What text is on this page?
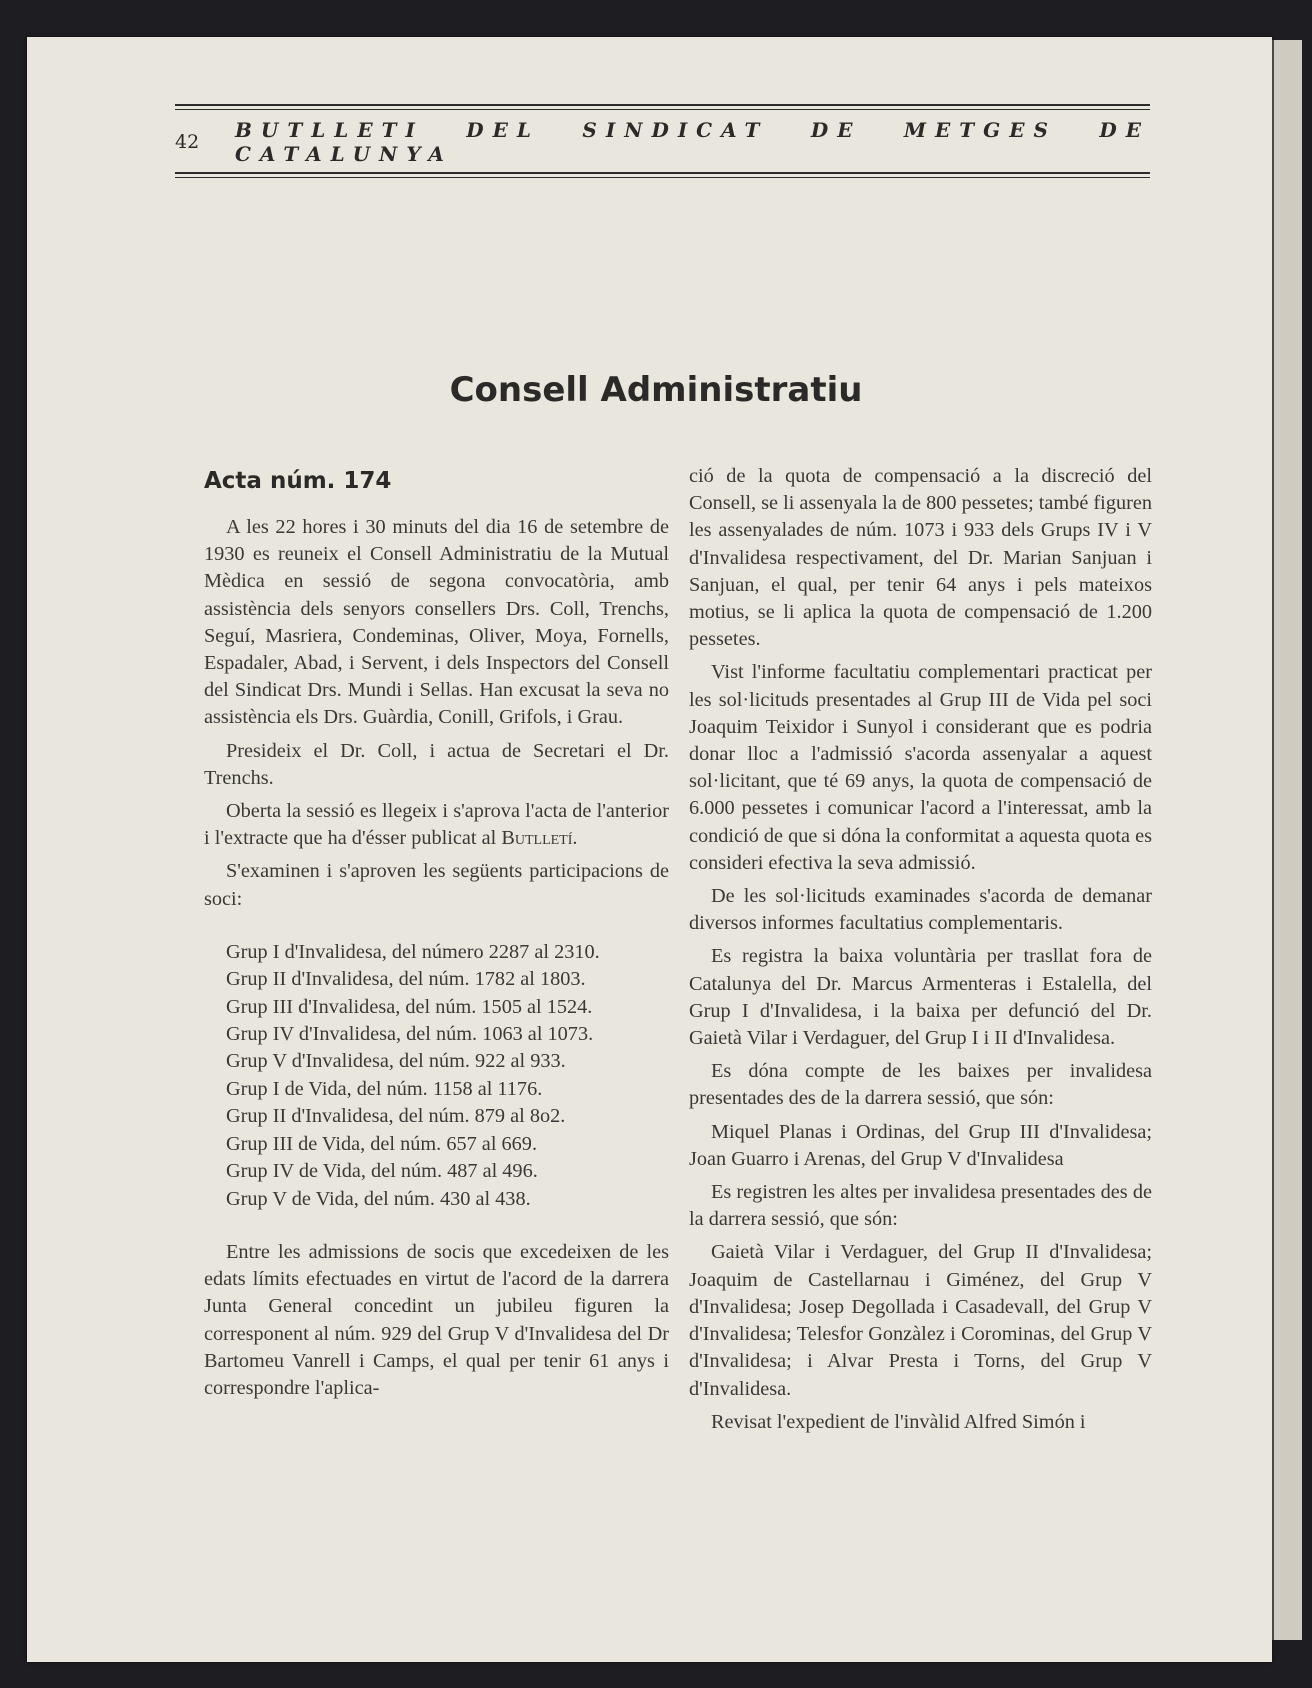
42	BUTLLETI DEL SINDICAT DE METGES DE CATALUNYA
Consell Administratiu
Acta núm. 174

A les 22 hores i 30 minuts del dia 16 de setembre de 1930 es reuneix el Consell Administratiu de la Mutual Mèdica en sessió de segona convocatòria, amb assistència dels senyors consellers Drs. Coll, Trenchs, Seguí, Masriera, Condeminas, Oliver, Moya, Fornells, Espadaler, Abad, i Servent, i dels Inspectors del Consell del Sindicat Drs. Mundi i Sellas. Han excusat la seva no assistència els Drs. Guàrdia, Conill, Grifols, i Grau.

Presideix el Dr. Coll, i actua de Secretari el Dr. Trenchs.

Oberta la sessió es llegeix i s'aprova l'acta de l'anterior i l'extracte que ha d'ésser publicat al Butlletí.

S'examinen i s'aproven les següents participacions de soci:

Grup I d'Invalidesa, del número 2287 al 2310.
Grup II d'Invalidesa, del núm. 1782 al 1803.
Grup III d'Invalidesa, del núm. 1505 al 1524.
Grup IV d'Invalidesa, del núm. 1063 al 1073.
Grup V d'Invalidesa, del núm. 922 al 933.
Grup I de Vida, del núm. 1158 al 1176.
Grup II d'Invalidesa, del núm. 879 al 8o2.
Grup III de Vida, del núm. 657 al 669.
Grup IV de Vida, del núm. 487 al 496.
Grup V de Vida, del núm. 430 al 438.

Entre les admissions de socis que excedeixen de les edats límits efectuades en virtut de l'acord de la darrera Junta General concedint un jubileu figuren la corresponent al núm. 929 del Grup V d'Invalidesa del Dr Bartomeu Vanrell i Camps, el qual per tenir 61 anys i correspondre l'aplica-

ció de la quota de compensació a la discreció del Consell, se li assenyala la de 800 pessetes; també figuren les assenyalades de núm. 1073 i 933 dels Grups IV i V d'Invalidesa respectivament, del Dr. Marian Sanjuan i Sanjuan, el qual, per tenir 64 anys i pels mateixos motius, se li aplica la quota de compensació de 1.200 pessetes.

Vist l'informe facultatiu complementari practicat per les sol·licituds presentades al Grup III de Vida pel soci Joaquim Teixidor i Sunyol i considerant que es podria donar lloc a l'admissió s'acorda assenyalar a aquest sol·licitant, que té 69 anys, la quota de compensació de 6.000 pessetes i comunicar l'acord a l'interessat, amb la condició de que si dóna la conformitat a aquesta quota es consideri efectiva la seva admissió.

De les sol·licituds examinades s'acorda de demanar diversos informes facultatius complementaris.

Es registra la baixa voluntària per trasllat fora de Catalunya del Dr. Marcus Armenteras i Estalella, del Grup I d'Invalidesa, i la baixa per defunció del Dr. Gaietà Vilar i Verdaguer, del Grup I i II d'Invalidesa.

Es dóna compte de les baixes per invalidesa presentades des de la darrera sessió, que són:

Miquel Planas i Ordinas, del Grup III d'Invalidesa; Joan Guarro i Arenas, del Grup V d'Invalidesa

Es registren les altes per invalidesa presentades des de la darrera sessió, que són:

Gaietà Vilar i Verdaguer, del Grup II d'Invalidesa; Joaquim de Castellarnau i Giménez, del Grup V d'Invalidesa; Josep Degollada i Casadevall, del Grup V d'Invalidesa; Telesfor Gonzàlez i Corominas, del Grup V d'Invalidesa; i Alvar Presta i Torns, del Grup V d'Invalidesa.

Revisat l'expedient de l'invàlid Alfred Simón i
